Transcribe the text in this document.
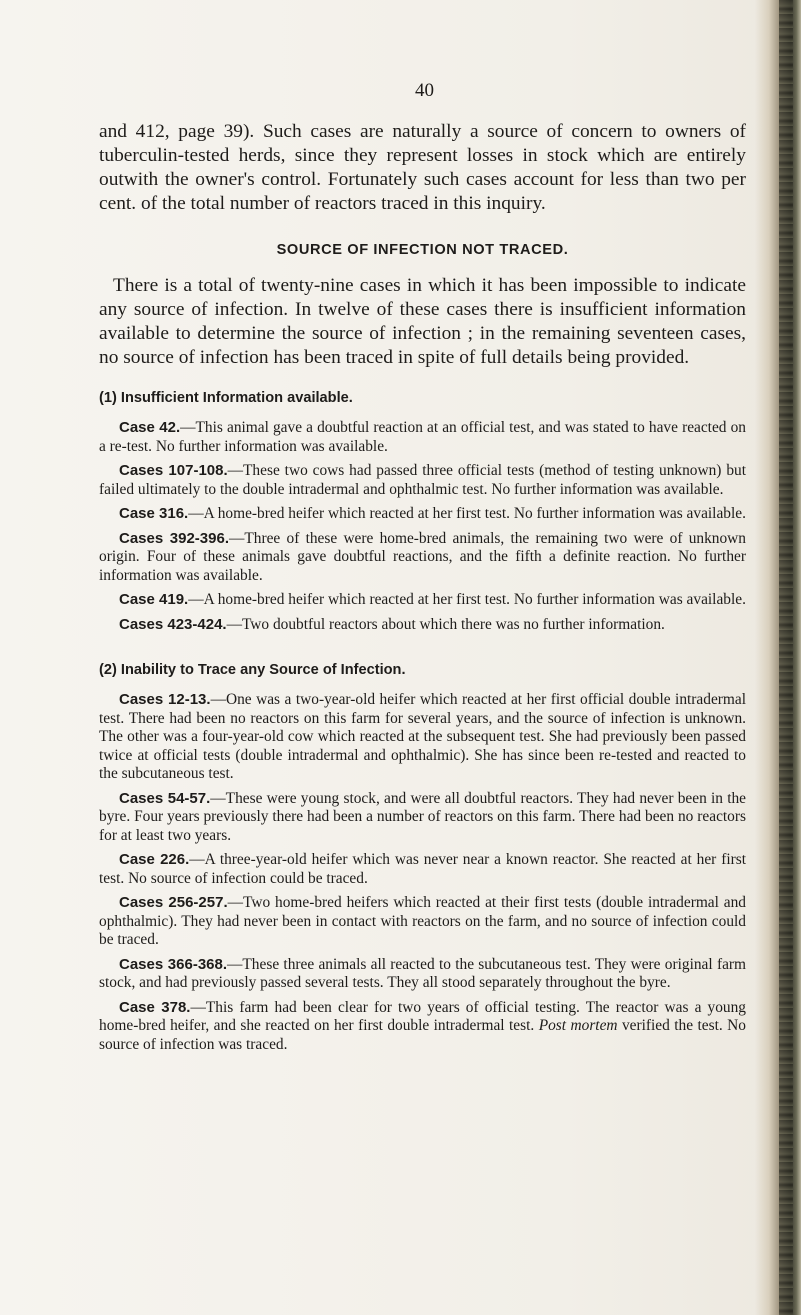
40

and 412, page 39). Such cases are naturally a source of concern to owners of tuberculin-tested herds, since they represent losses in stock which are entirely outwith the owner's control. Fortunately such cases account for less than two per cent. of the total number of reactors traced in this inquiry.

SOURCE OF INFECTION NOT TRACED.

There is a total of twenty-nine cases in which it has been impossible to indicate any source of infection. In twelve of these cases there is insufficient information available to determine the source of infection ; in the remaining seventeen cases, no source of infection has been traced in spite of full details being provided.

(1) Insufficient Information available.

Case 42.—This animal gave a doubtful reaction at an official test, and was stated to have reacted on a re-test. No further information was available.

Cases 107-108.—These two cows had passed three official tests (method of testing unknown) but failed ultimately to the double intradermal and ophthalmic test. No further information was available.

Case 316.—A home-bred heifer which reacted at her first test. No further information was available.

Cases 392-396.—Three of these were home-bred animals, the remaining two were of unknown origin. Four of these animals gave doubtful reactions, and the fifth a definite reaction. No further information was available.

Case 419.—A home-bred heifer which reacted at her first test. No further information was available.

Cases 423-424.—Two doubtful reactors about which there was no further information.

(2) Inability to Trace any Source of Infection.

Cases 12-13.—One was a two-year-old heifer which reacted at her first official double intradermal test. There had been no reactors on this farm for several years, and the source of infection is unknown. The other was a four-year-old cow which reacted at the subsequent test. She had previously been passed twice at official tests (double intradermal and ophthalmic). She has since been re-tested and reacted to the subcutaneous test.

Cases 54-57.—These were young stock, and were all doubtful reactors. They had never been in the byre. Four years previously there had been a number of reactors on this farm. There had been no reactors for at least two years.

Case 226.—A three-year-old heifer which was never near a known reactor. She reacted at her first test. No source of infection could be traced.

Cases 256-257.—Two home-bred heifers which reacted at their first tests (double intradermal and ophthalmic). They had never been in contact with reactors on the farm, and no source of infection could be traced.

Cases 366-368.—These three animals all reacted to the subcutaneous test. They were original farm stock, and had previously passed several tests. They all stood separately throughout the byre.

Case 378.—This farm had been clear for two years of official testing. The reactor was a young home-bred heifer, and she reacted on her first double intradermal test. Post mortem verified the test. No source of infection was traced.
